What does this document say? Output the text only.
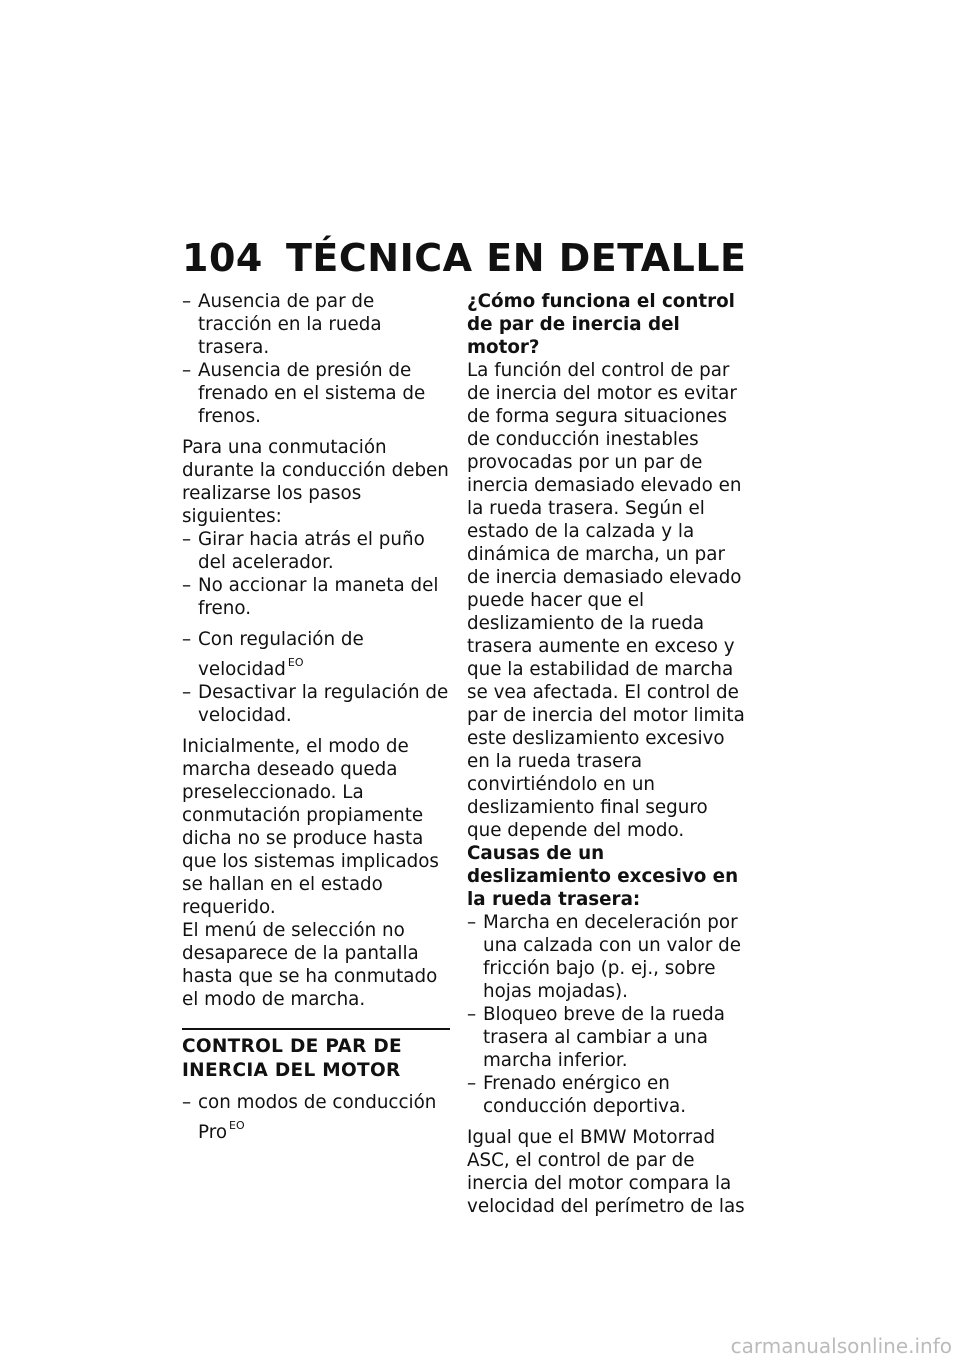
104 TÉCNICA EN DETALLE
– Ausencia de par de tracción en la rueda trasera.
– Ausencia de presión de frenado en el sistema de frenos.
Para una conmutación durante la conducción deben realizarse los pasos siguientes:
– Girar hacia atrás el puño del acelerador.
– No accionar la maneta del freno.
– Con regulación de velocidad $^{EO}$
– Desactivar la regulación de velocidad.
Inicialmente, el modo de marcha deseado queda preseleccionado. La conmutación propiamente dicha no se produce hasta que los sistemas implicados se hallan en el estado requerido.
El menú de selección no desaparece de la pantalla hasta que se ha conmutado el modo de marcha.
CONTROL DE PAR DE INERCIA DEL MOTOR
– con modos de conducción Pro $^{EO}$
¿Cómo funciona el control de par de inercia del motor?
La función del control de par de inercia del motor es evitar de forma segura situaciones de conducción inestables provocadas por un par de inercia demasiado elevado en la rueda trasera. Según el estado de la calzada y la dinámica de marcha, un par de inercia demasiado elevado puede hacer que el deslizamiento de la rueda trasera aumente en exceso y que la estabilidad de marcha se vea afectada. El control de par de inercia del motor limita este deslizamiento excesivo en la rueda trasera convirtiéndolo en un deslizamiento final seguro que depende del modo.
Causas de un deslizamiento excesivo en la rueda trasera:
– Marcha en deceleración por una calzada con un valor de fricción bajo (p. ej., sobre hojas mojadas).
– Bloqueo breve de la rueda trasera al cambiar a una marcha inferior.
– Frenado enérgico en conducción deportiva.
Igual que el BMW Motorrad ASC, el control de par de inercia del motor compara la velocidad del perímetro de las
carmanualsonline.info
